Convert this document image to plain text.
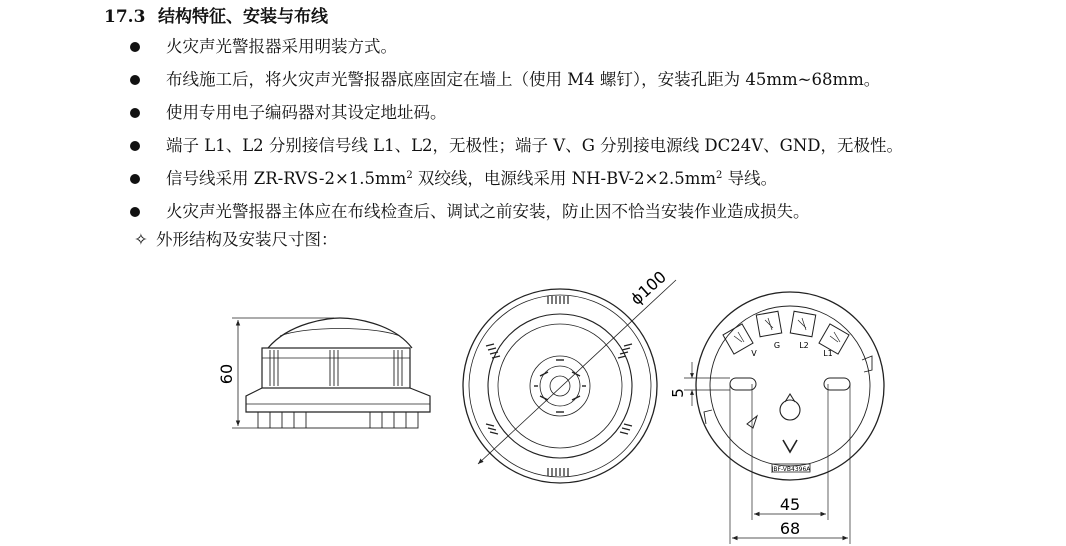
17.3 结构特征、安装与布线
火灾声光警报器采用明装方式。
布线施工后，将火灾声光警报器底座固定在墙上（使用 M4 螺钉），安装孔距为 45mm~68mm。
使用专用电子编码器对其设定地址码。
端子 L1、L2 分别接信号线 L1、L2，无极性；端子 V、G 分别接电源线 DC24V、GND，无极性。
信号线采用 $ZR-RVS-2\times 1.5mm^2$ 双绞线，电源线采用 $NH-BV-2\times 2.5mm^2$ 导线。
火灾声光警报器主体应在布线检查后、调试之前安装，防止因不恰当安装作业造成损失。
✧ 外形结构及安装尺寸图：
60
ϕ100
V
G L2
L1
JBF-VB4396A
5
45
68
